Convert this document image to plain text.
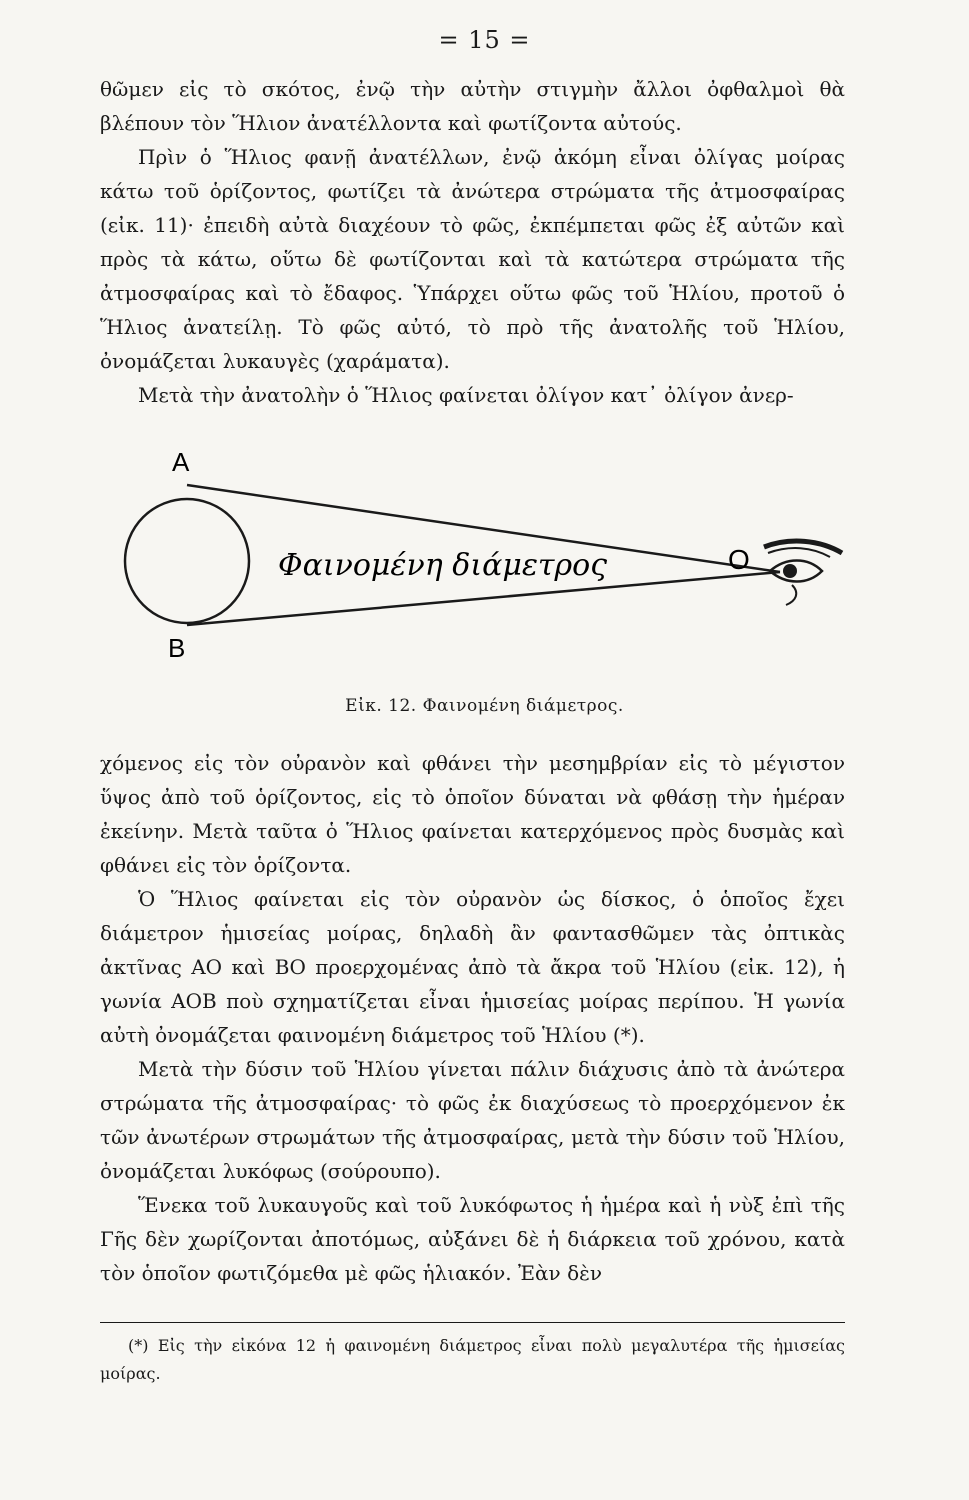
= 15 =

θῶμεν εἰς τὸ σκότος, ἐνῷ τὴν αὐτὴν στιγμὴν ἄλλοι ὀφθαλμοὶ θὰ βλέπουν τὸν Ἥλιον ἀνατέλλοντα καὶ φωτίζοντα αὐτούς.

Πρὶν ὁ Ἥλιος φανῇ ἀνατέλλων, ἐνῷ ἀκόμη εἶναι ὀλίγας μοίρας κάτω τοῦ ὁρίζοντος, φωτίζει τὰ ἀνώτερα στρώματα τῆς ἀτμοσφαίρας (εἰκ. 11)· ἐπειδὴ αὐτὰ διαχέουν τὸ φῶς, ἐκπέμπεται φῶς ἐξ αὐτῶν καὶ πρὸς τὰ κάτω, οὕτω δὲ φωτίζονται καὶ τὰ κατώτερα στρώματα τῆς ἀτμοσφαίρας καὶ τὸ ἔδαφος. Ὑπάρχει οὕτω φῶς τοῦ Ἡλίου, προτοῦ ὁ Ἥλιος ἀνατείλῃ. Τὸ φῶς αὐτό, τὸ πρὸ τῆς ἀνατολῆς τοῦ Ἡλίου, ὀνομάζεται λυκαυγὲς (χαράματα).

Μετὰ τὴν ἀνατολὴν ὁ Ἥλιος φαίνεται ὀλίγον κατ᾽ ὀλίγον ἀνερ-

A
B
Φαινομένη διάμετρος	O
Εἰκ. 12. Φαινομένη διάμετρος.

χόμενος εἰς τὸν οὐρανὸν καὶ φθάνει τὴν μεσημβρίαν εἰς τὸ μέγιστον ὕψος ἀπὸ τοῦ ὁρίζοντος, εἰς τὸ ὁποῖον δύναται νὰ φθάσῃ τὴν ἡμέραν ἐκείνην. Μετὰ ταῦτα ὁ Ἥλιος φαίνεται κατερχόμενος πρὸς δυσμὰς καὶ φθάνει εἰς τὸν ὁρίζοντα.

Ὁ Ἥλιος φαίνεται εἰς τὸν οὐρανὸν ὡς δίσκος, ὁ ὁποῖος ἔχει διάμετρον ἡμισείας μοίρας, δηλαδὴ ἂν φαντασθῶμεν τὰς ὀπτικὰς ἀκτῖνας ΑΟ καὶ ΒΟ προερχομένας ἀπὸ τὰ ἄκρα τοῦ Ἡλίου (εἰκ. 12), ἡ γωνία ΑΟΒ ποὺ σχηματίζεται εἶναι ἡμισείας μοίρας περίπου. Ἡ γωνία αὐτὴ ὀνομάζεται φαινομένη διάμετρος τοῦ Ἡλίου (*).

Μετὰ τὴν δύσιν τοῦ Ἡλίου γίνεται πάλιν διάχυσις ἀπὸ τὰ ἀνώτερα στρώματα τῆς ἀτμοσφαίρας· τὸ φῶς ἐκ διαχύσεως τὸ προερχόμενον ἐκ τῶν ἀνωτέρων στρωμάτων τῆς ἀτμοσφαίρας, μετὰ τὴν δύσιν τοῦ Ἡλίου, ὀνομάζεται λυκόφως (σούρουπο).

Ἕνεκα τοῦ λυκαυγοῦς καὶ τοῦ λυκόφωτος ἡ ἡμέρα καὶ ἡ νὺξ ἐπὶ τῆς Γῆς δὲν χωρίζονται ἀποτόμως, αὐξάνει δὲ ἡ διάρκεια τοῦ χρόνου, κατὰ τὸν ὁποῖον φωτιζόμεθα μὲ φῶς ἡλιακόν. Ἐὰν δὲν

(*) Εἰς τὴν εἰκόνα 12 ἡ φαινομένη διάμετρος εἶναι πολὺ μεγαλυτέρα τῆς ἡμισείας μοίρας.
